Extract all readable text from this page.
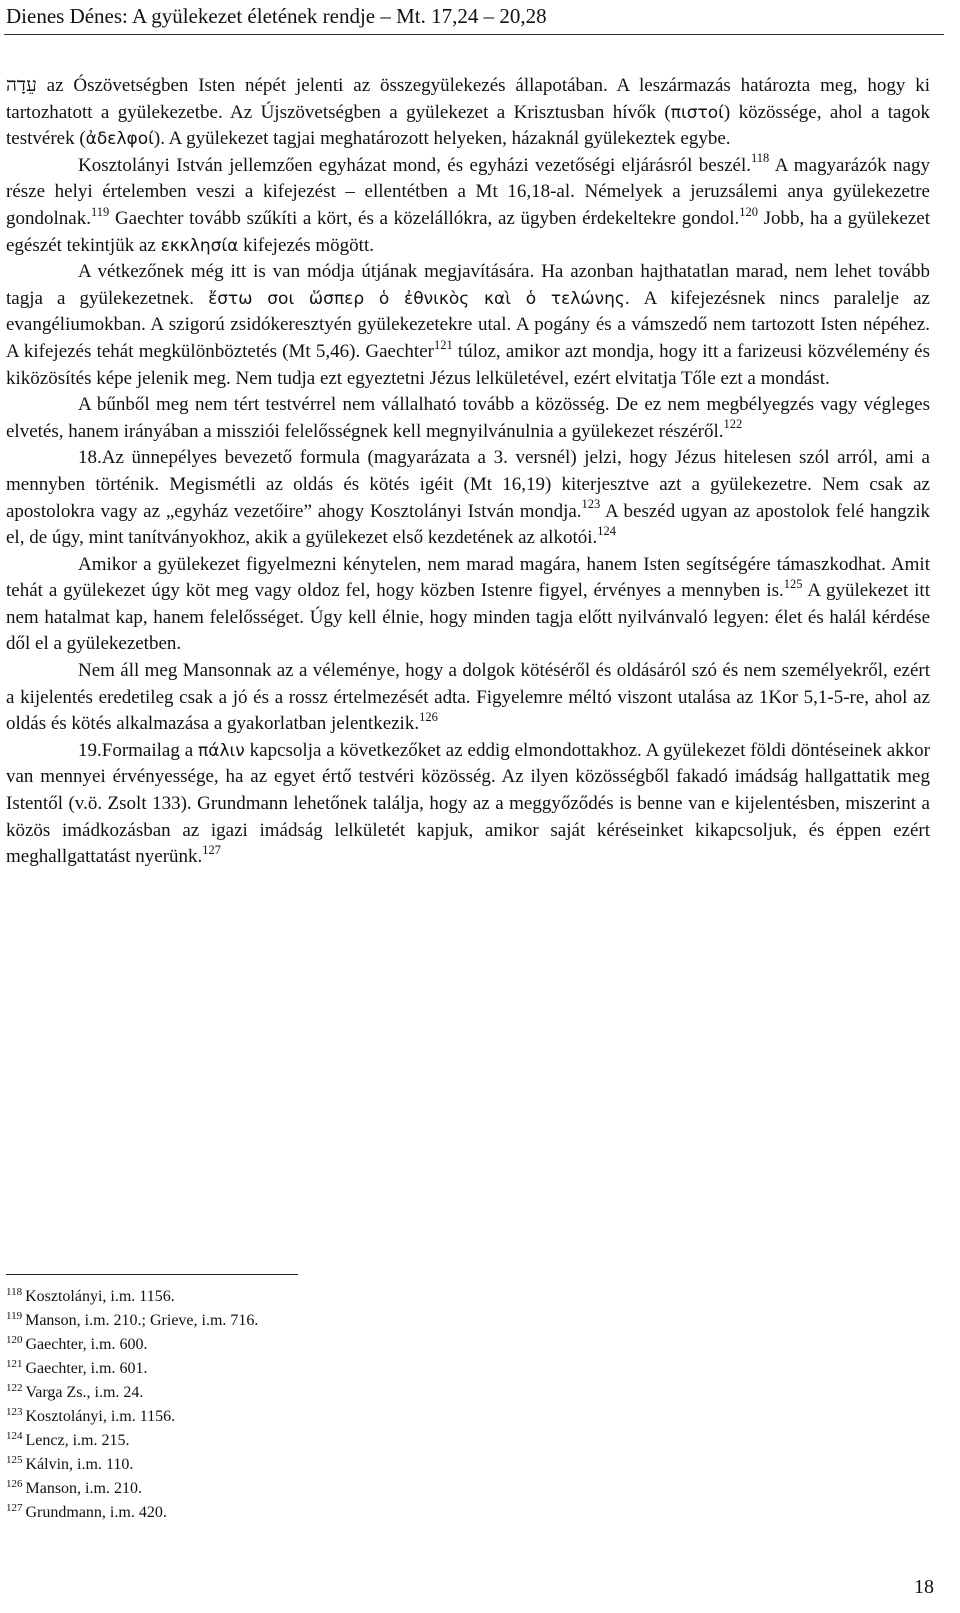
Dienes Dénes: A gyülekezet életének rendje – Mt. 17,24 – 20,28

עֵדָה az Ószövetségben Isten népét jelenti az összegyülekezés állapotában. A leszármazás határozta meg, hogy ki tartozhatott a gyülekezetbe. Az Újszövetségben a gyülekezet a Krisztusban hívők (πιστοί) közössége, ahol a tagok testvérek (ἀδελφοί). A gyülekezet tagjai meghatározott helyeken, házaknál gyülekeztek egybe.

Kosztolányi István jellemzően egyházat mond, és egyházi vezetőségi eljárásról beszél.$^{118}$ A magyarázók nagy része helyi értelemben veszi a kifejezést – ellentétben a Mt 16,18-al. Némelyek a jeruzsálemi anya gyülekezetre gondolnak.$^{119}$ Gaechter tovább szűkíti a kört, és a közelállókra, az ügyben érdekeltekre gondol.$^{120}$ Jobb, ha a gyülekezet egészét tekintjük az εκκλησία kifejezés mögött.

A vétkezőnek még itt is van módja útjának megjavítására. Ha azonban hajthatatlan marad, nem lehet tovább tagja a gyülekezetnek. ἔστω σοι ὥσπερ ὁ ἐθνικὸς καὶ ὁ τελώνης. A kifejezésnek nincs paralelje az evangéliumokban. A szigorú zsidókeresztyén gyülekezetekre utal. A pogány és a vámszedő nem tartozott Isten népéhez. A kifejezés tehát megkülönböztetés (Mt 5,46). Gaechter$^{121}$ túloz, amikor azt mondja, hogy itt a farizeusi közvélemény és kiközösítés képe jelenik meg. Nem tudja ezt egyeztetni Jézus lelkületével, ezért elvitatja Tőle ezt a mondást.

A bűnből meg nem tért testvérrel nem vállalható tovább a közösség. De ez nem megbélyegzés vagy végleges elvetés, hanem irányában a missziói felelősségnek kell megnyilvánulnia a gyülekezet részéről.$^{122}$

18.Az ünnepélyes bevezető formula (magyarázata a 3. versnél) jelzi, hogy Jézus hitelesen szól arról, ami a mennyben történik. Megismétli az oldás és kötés igéit (Mt 16,19) kiterjesztve azt a gyülekezetre. Nem csak az apostolokra vagy az „egyház vezetőire” ahogy Kosztolányi István mondja.$^{123}$ A beszéd ugyan az apostolok felé hangzik el, de úgy, mint tanítványokhoz, akik a gyülekezet első kezdetének az alkotói.$^{124}$

Amikor a gyülekezet figyelmezni kénytelen, nem marad magára, hanem Isten segítségére támaszkodhat. Amit tehát a gyülekezet úgy köt meg vagy oldoz fel, hogy közben Istenre figyel, érvényes a mennyben is.$^{125}$ A gyülekezet itt nem hatalmat kap, hanem felelősséget. Úgy kell élnie, hogy minden tagja előtt nyilvánvaló legyen: élet és halál kérdése dől el a gyülekezetben.

Nem áll meg Mansonnak az a véleménye, hogy a dolgok kötéséről és oldásáról szó és nem személyekről, ezért a kijelentés eredetileg csak a jó és a rossz értelmezését adta. Figyelemre méltó viszont utalása az 1Kor 5,1-5-re, ahol az oldás és kötés alkalmazása a gyakorlatban jelentkezik.$^{126}$

19.Formailag a πάλιν kapcsolja a következőket az eddig elmondottakhoz. A gyülekezet földi döntéseinek akkor van mennyei érvényessége, ha az egyet értő testvéri közösség. Az ilyen közösségből fakadó imádság hallgattatik meg Istentől (v.ö. Zsolt 133). Grundmann lehetőnek találja, hogy az a meggyőződés is benne van e kijelentésben, miszerint a közös imádkozásban az igazi imádság lelkületét kapjuk, amikor saját kéréseinket kikapcsoljuk, és éppen ezért meghallgattatást nyerünk.$^{127}$

$^{118}$ Kosztolányi, i.m. 1156.
$^{119}$ Manson, i.m. 210.; Grieve, i.m. 716.
$^{120}$ Gaechter, i.m. 600.
$^{121}$ Gaechter, i.m. 601.
$^{122}$ Varga Zs., i.m. 24.
$^{123}$ Kosztolányi, i.m. 1156.
$^{124}$ Lencz, i.m. 215.
$^{125}$ Kálvin, i.m. 110.
$^{126}$ Manson, i.m. 210.
$^{127}$ Grundmann, i.m. 420.
18
